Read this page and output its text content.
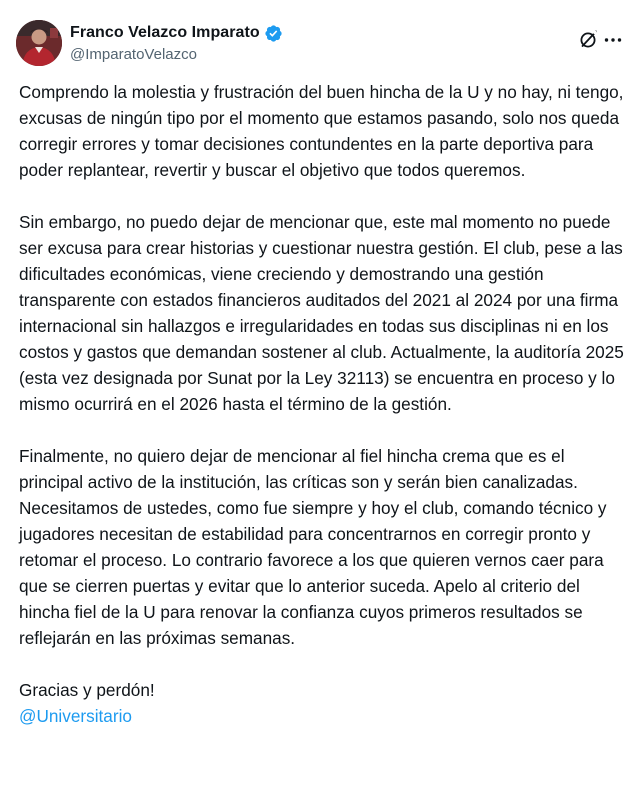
Franco Velazco Imparato
@ImparatoVelazco

Comprendo la molestia y frustración del buen hincha de la U y no hay, ni tengo, excusas de ningún tipo por el momento que estamos pasando, solo nos queda corregir errores y tomar decisiones contundentes en la parte deportiva para poder replantear, revertir y buscar el objetivo que todos queremos.

Sin embargo, no puedo dejar de mencionar que, este mal momento no puede ser excusa para crear historias y cuestionar nuestra gestión. El club, pese a las dificultades económicas, viene creciendo y demostrando una gestión transparente con estados financieros auditados del 2021 al 2024 por una firma internacional sin hallazgos e irregularidades en todas sus disciplinas ni en los costos y gastos que demandan sostener al club. Actualmente, la auditoría 2025 (esta vez designada por Sunat por la Ley 32113) se encuentra en proceso y lo mismo ocurrirá en el 2026 hasta el término de la gestión.

Finalmente, no quiero dejar de mencionar al fiel hincha crema que es el principal activo de la institución, las críticas son y serán bien canalizadas. Necesitamos de ustedes, como fue siempre y hoy el club, comando técnico y jugadores necesitan de estabilidad para concentrarnos en corregir pronto y retomar el proceso. Lo contrario favorece a los que quieren vernos caer para que se cierren puertas y evitar que lo anterior suceda. Apelo al criterio del hincha fiel de la U para renovar la confianza cuyos primeros resultados se reflejarán en las próximas semanas.

Gracias y perdón!

@Universitario
